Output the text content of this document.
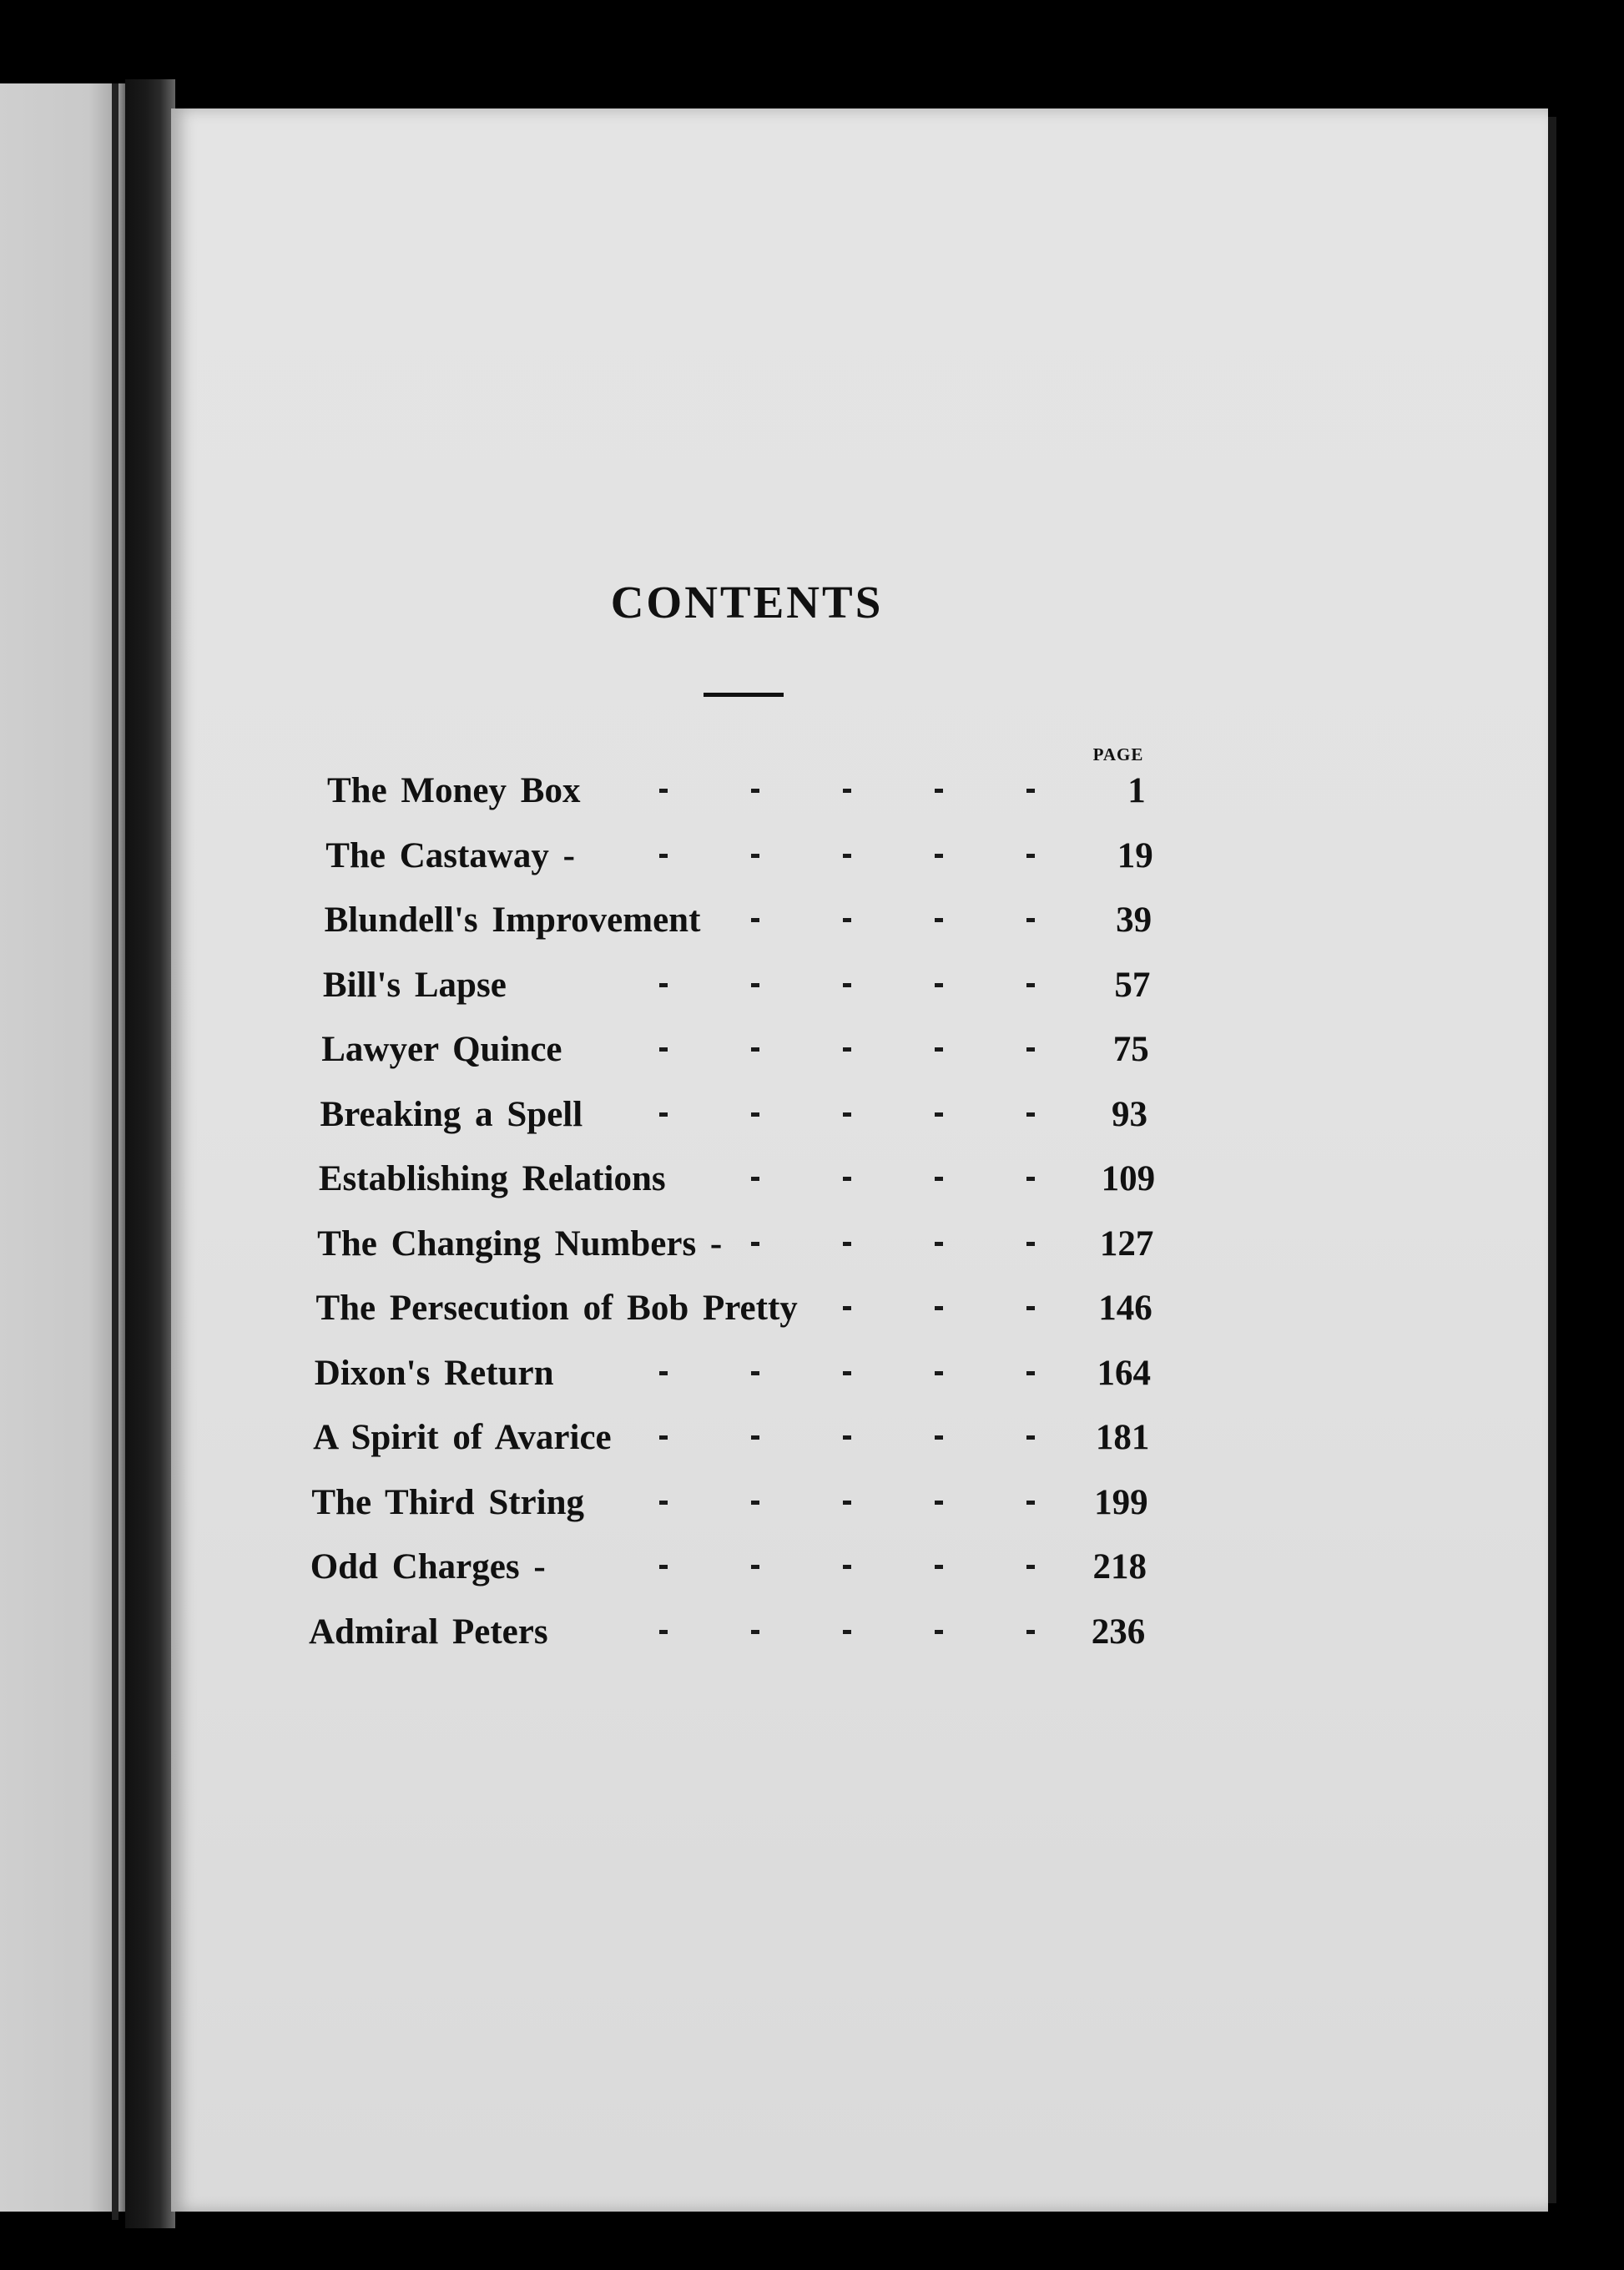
CONTENTS
PAGE
The Money Box	1
The Castaway -	19
Blundell's Improvement	39
Bill's Lapse	57
Lawyer Quince	75
Breaking a Spell	93
Establishing Relations	109
The Changing Numbers -	127
The Persecution of Bob Pretty	146
Dixon's Return	164
A Spirit of Avarice	181
The Third String	199
Odd Charges -	218
Admiral Peters	236
